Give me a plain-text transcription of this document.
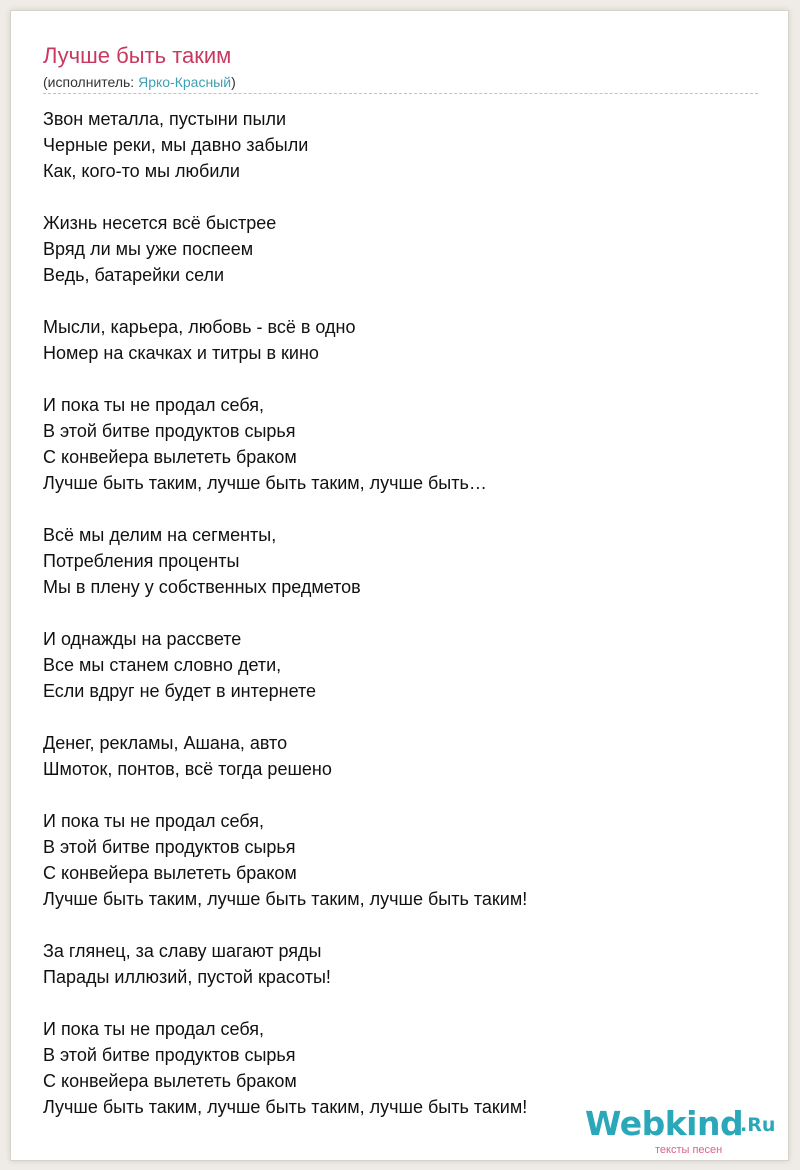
Лучше быть таким
(исполнитель: Ярко-Красный)
Звон металла, пустыни пыли
Черные реки, мы давно забыли
Как, кого-то мы любили
Жизнь несется всё быстрее
Вряд ли мы уже поспеем
Ведь, батарейки сели
Мысли, карьера, любовь - всё в одно
Номер на скачках и титры в кино
И пока ты не продал себя,
В этой битве продуктов сырья
С конвейера вылететь браком
Лучше быть таким, лучше быть таким, лучше быть…
Всё мы делим на сегменты,
Потребления проценты
Мы в плену у собственных предметов
И однажды на рассвете
Все мы станем словно дети,
Если вдруг не будет в интернете
Денег, рекламы, Ашана, авто
Шмоток, понтов, всё тогда решено
И пока ты не продал себя,
В этой битве продуктов сырья
С конвейера вылететь браком
Лучше быть таким, лучше быть таким, лучше быть таким!
За глянец, за славу шагают ряды
Парады иллюзий, пустой красоты!
И пока ты не продал себя,
В этой битве продуктов сырья
С конвейера вылететь браком
Лучше быть таким, лучше быть таким, лучше быть таким!	Webkind
.Ru
тексты песен
